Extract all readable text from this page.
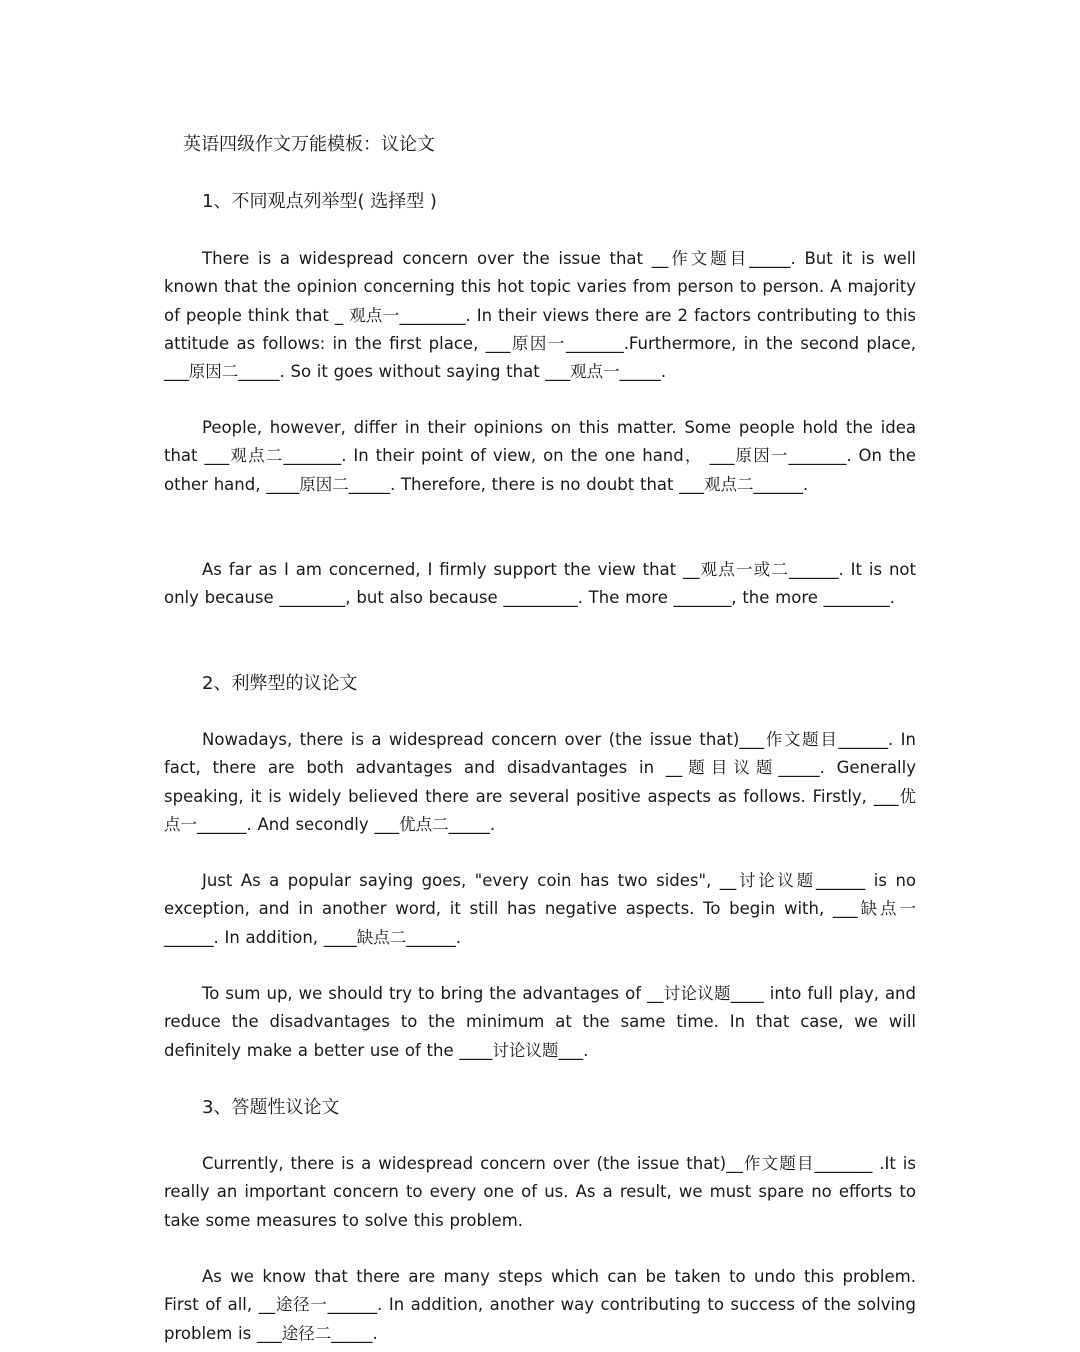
英语四级作文万能模板：议论文
1、不同观点列举型( 选择型 )

There is a widespread concern over the issue that __作文题目_____. But it is well known that the opinion concerning this hot topic varies from person to person. A majority of people think that _ 观点一________. In their views there are 2 factors contributing to this attitude as follows: in the first place, ___原因一_______.Furthermore, in the second place, ___原因二_____. So it goes without saying that ___观点一_____.

People, however, differ in their opinions on this matter. Some people hold the idea that ___观点二_______. In their point of view, on the one hand， ___原因一_______. On the other hand, ____原因二_____. Therefore, there is no doubt that ___观点二______.

As far as I am concerned, I firmly support the view that __观点一或二______. It is not only because ________, but also because _________. The more _______, the more ________.

2、利弊型的议论文

Nowadays, there is a widespread concern over (the issue that)___作文题目______. In fact, there are both advantages and disadvantages in __题目议题_____. Generally speaking, it is widely believed there are several positive aspects as follows. Firstly, ___优点一______. And secondly ___优点二_____.

Just As a popular saying goes, "every coin has two sides", __讨论议题______ is no exception, and in another word, it still has negative aspects. To begin with, ___缺点一______. In addition, ____缺点二______.

To sum up, we should try to bring the advantages of __讨论议题____ into full play, and reduce the disadvantages to the minimum at the same time. In that case, we will definitely make a better use of the ____讨论议题___.

3、答题性议论文

Currently, there is a widespread concern over (the issue that)__作文题目_______ .It is really an important concern to every one of us. As a result, we must spare no efforts to take some measures to solve this problem.

As we know that there are many steps which can be taken to undo this problem. First of all, __途径一______. In addition, another way contributing to success of the solving problem is ___途径二_____.
